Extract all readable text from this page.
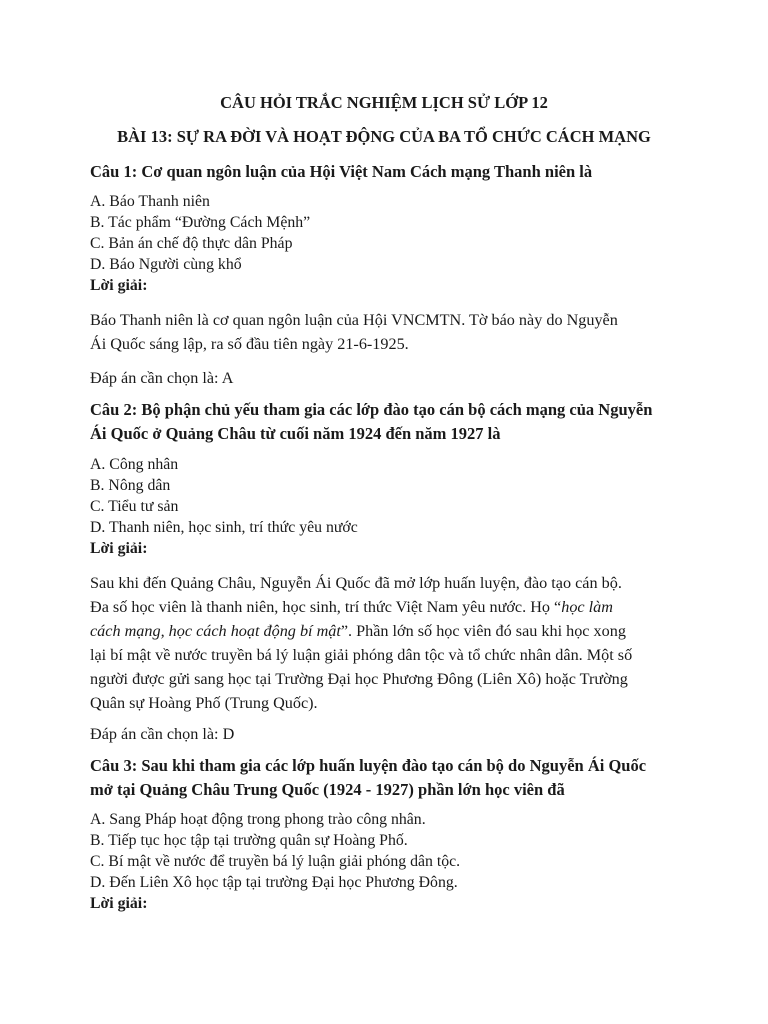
CÂU HỎI TRẮC NGHIỆM LỊCH SỬ LỚP 12
BÀI 13: SỰ RA ĐỜI VÀ HOẠT ĐỘNG CỦA BA TỔ CHỨC CÁCH MẠNG
Câu 1: Cơ quan ngôn luận của Hội Việt Nam Cách mạng Thanh niên là
A. Báo Thanh niên
B. Tác phẩm “Đường Cách Mệnh”
C. Bản án chế độ thực dân Pháp
D. Báo Người cùng khổ
Lời giải:
Báo Thanh niên là cơ quan ngôn luận của Hội VNCMTN. Tờ báo này do Nguyễn
Ái Quốc sáng lập, ra số đầu tiên ngày 21-6-1925.
Đáp án cần chọn là: A
Câu 2: Bộ phận chủ yếu tham gia các lớp đào tạo cán bộ cách mạng của Nguyễn
Ái Quốc ở Quảng Châu từ cuối năm 1924 đến năm 1927 là
A. Công nhân
B. Nông dân
C. Tiểu tư sản
D. Thanh niên, học sinh, trí thức yêu nước
Lời giải:
Sau khi đến Quảng Châu, Nguyễn Ái Quốc đã mở lớp huấn luyện, đào tạo cán bộ.
Đa số học viên là thanh niên, học sinh, trí thức Việt Nam yêu nước. Họ “học làm
cách mạng, học cách hoạt động bí mật”. Phần lớn số học viên đó sau khi học xong
lại bí mật về nước truyền bá lý luận giải phóng dân tộc và tổ chức nhân dân. Một số
người được gửi sang học tại Trường Đại học Phương Đông (Liên Xô) hoặc Trường
Quân sự Hoàng Phố (Trung Quốc).
Đáp án cần chọn là: D
Câu 3: Sau khi tham gia các lớp huấn luyện đào tạo cán bộ do Nguyễn Ái Quốc
mở tại Quảng Châu Trung Quốc (1924 - 1927) phần lớn học viên đã
A. Sang Pháp hoạt động trong phong trào công nhân.
B. Tiếp tục học tập tại trường quân sự Hoàng Phố.
C. Bí mật về nước để truyền bá lý luận giải phóng dân tộc.
D. Đến Liên Xô học tập tại trường Đại học Phương Đông.
Lời giải:
